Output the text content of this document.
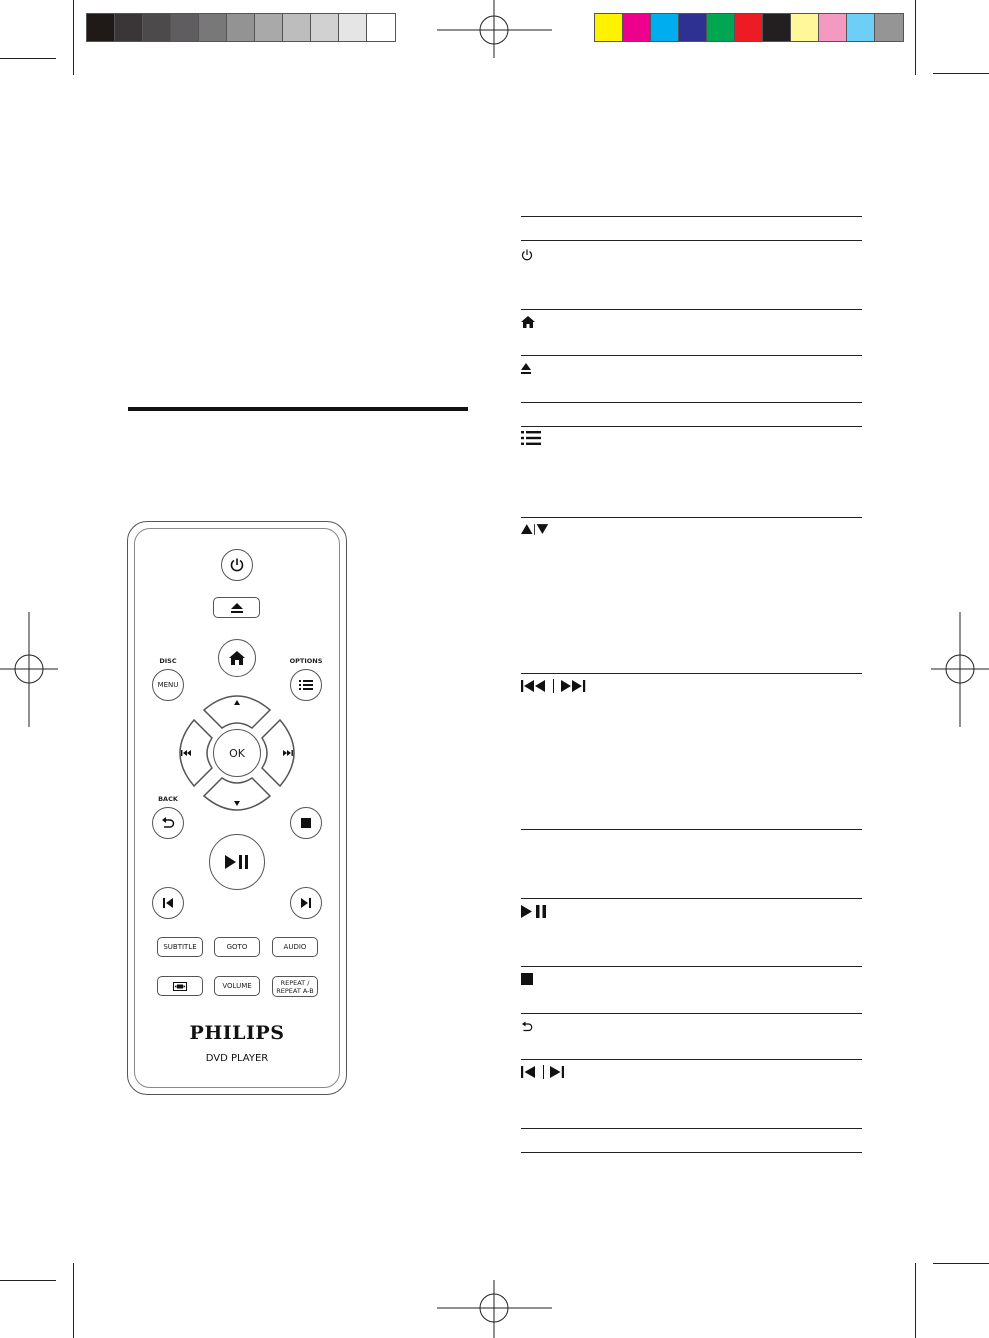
DISC
MENU
OPTIONS
OK
BACK
SUBTITLE	GOTO	AUDIO
VOLUME	REPEAT /
REPEAT A-B
PHILIPS
DVD PLAYER
